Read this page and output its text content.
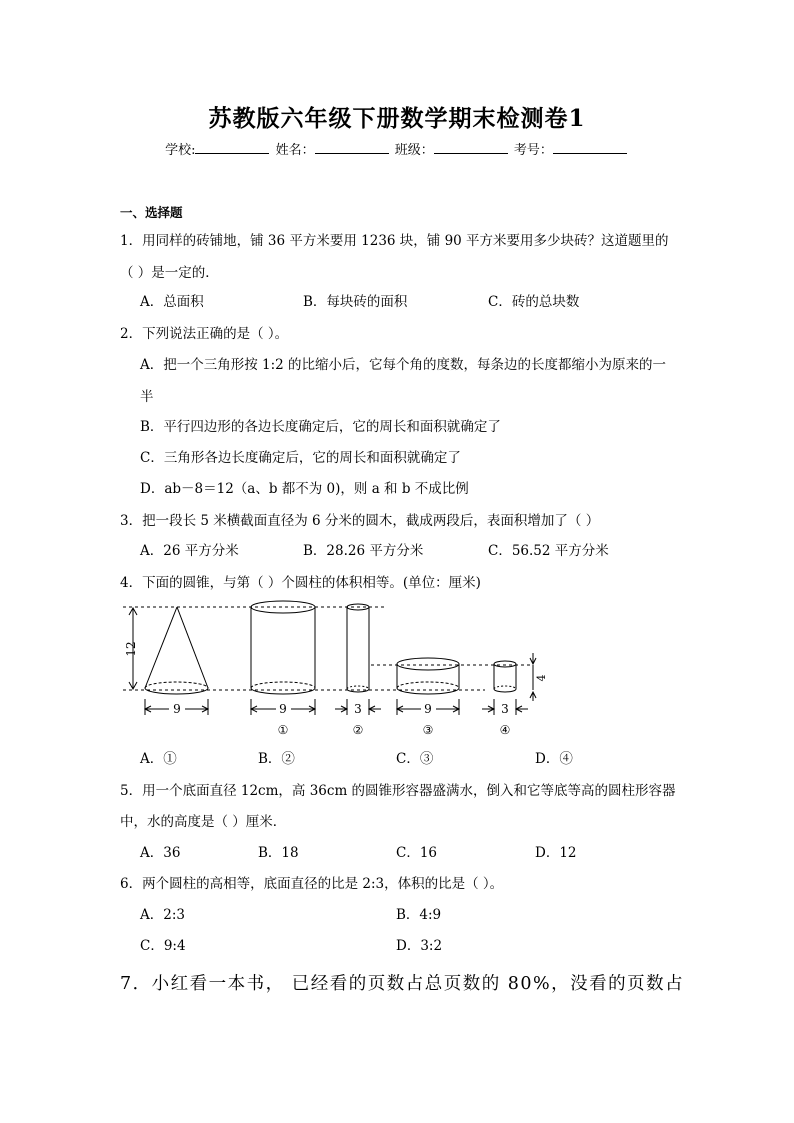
苏教版六年级下册数学期末检测卷1
学校:	姓名：	班级：	考号：
一、选择题
1．用同样的砖铺地，铺 36 平方米要用 1236 块，铺 90 平方米要用多少块砖？这道题里的
（ ）是一定的．
A．总面积	B．每块砖的面积	C．砖的总块数
2．下列说法正确的是（ ）。
A．把一个三角形按 1:2 的比缩小后，它每个角的度数，每条边的长度都缩小为原来的一
半
B．平行四边形的各边长度确定后，它的周长和面积就确定了
C．三角形各边长度确定后，它的周长和面积就确定了
D．ab－8＝12（a、b 都不为 0)，则 a 和 b 不成比例
3．把一段长 5 米横截面直径为 6 分米的圆木，截成两段后，表面积增加了（ ）
A．26 平方分米	B．28.26 平方分米	C．56.52 平方分米
4．下面的圆锥，与第（ ）个圆柱的体积相等。(单位：厘米)
12
4
9	9	3	9	3
①	②	③	④
A．①	B．②	C．③	D．④
5．用一个底面直径 12cm，高 36cm 的圆锥形容器盛满水，倒入和它等底等高的圆柱形容器
中，水的高度是（ ）厘米．
A．36	B．18	C．16	D．12
6．两个圆柱的高相等，底面直径的比是 2:3，体积的比是（ ）。
A．2:3	B．4:9
C．9:4	D．3:2
7．小红看一本书， 已经看的页数占总页数的 80%，没看的页数占
